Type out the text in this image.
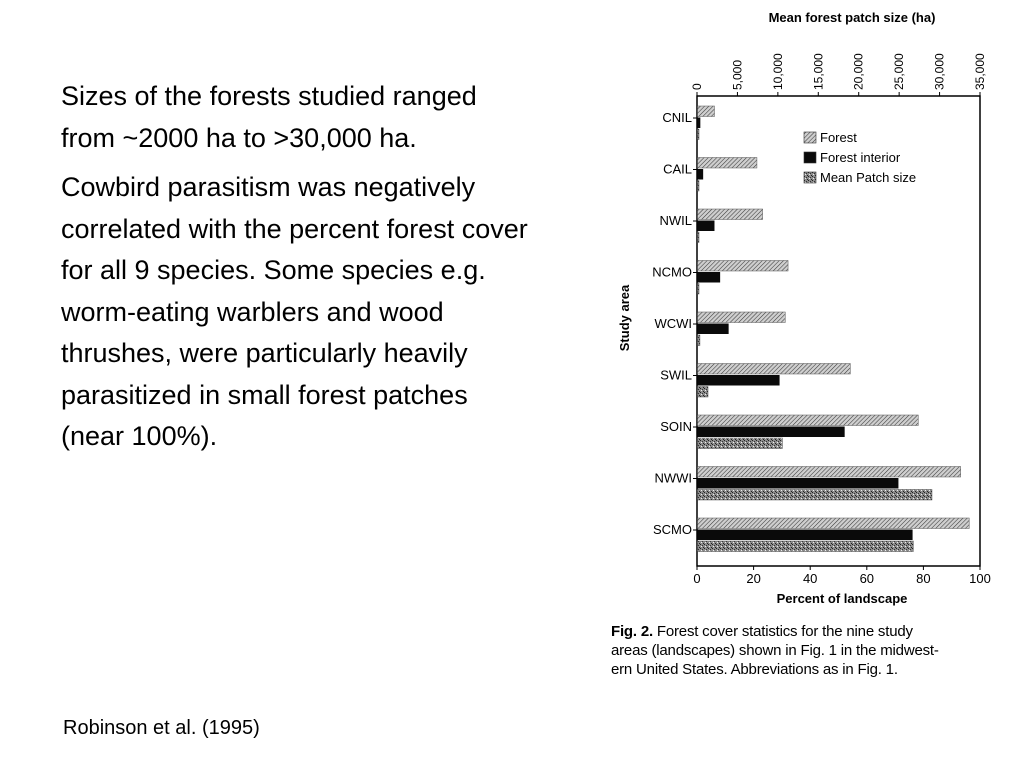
Sizes of the forests studied ranged from ~2000 ha to >30,000 ha.

Cowbird parasitism was negatively correlated with the percent forest cover for all 9 species. Some species e.g. worm-eating warblers and wood thrushes, were particularly heavily parasitized in small forest patches (near 100%).

Robinson et al. (1995)
0	20	40	60	80	100
0 5,000 10,000 15,000 20,000 25,000 30,000 35,000
CNIL
CAIL
NWIL
NCMO
WCWI
SWIL
SOIN
NWWI
SCMO
Forest
Forest interior
Mean Patch size
Mean forest patch size (ha)
Percent of landscape
Study area
Fig. 2. Forest cover statistics for the nine study
areas (landscapes) shown in Fig. 1 in the midwest-
ern United States. Abbreviations as in Fig. 1.
